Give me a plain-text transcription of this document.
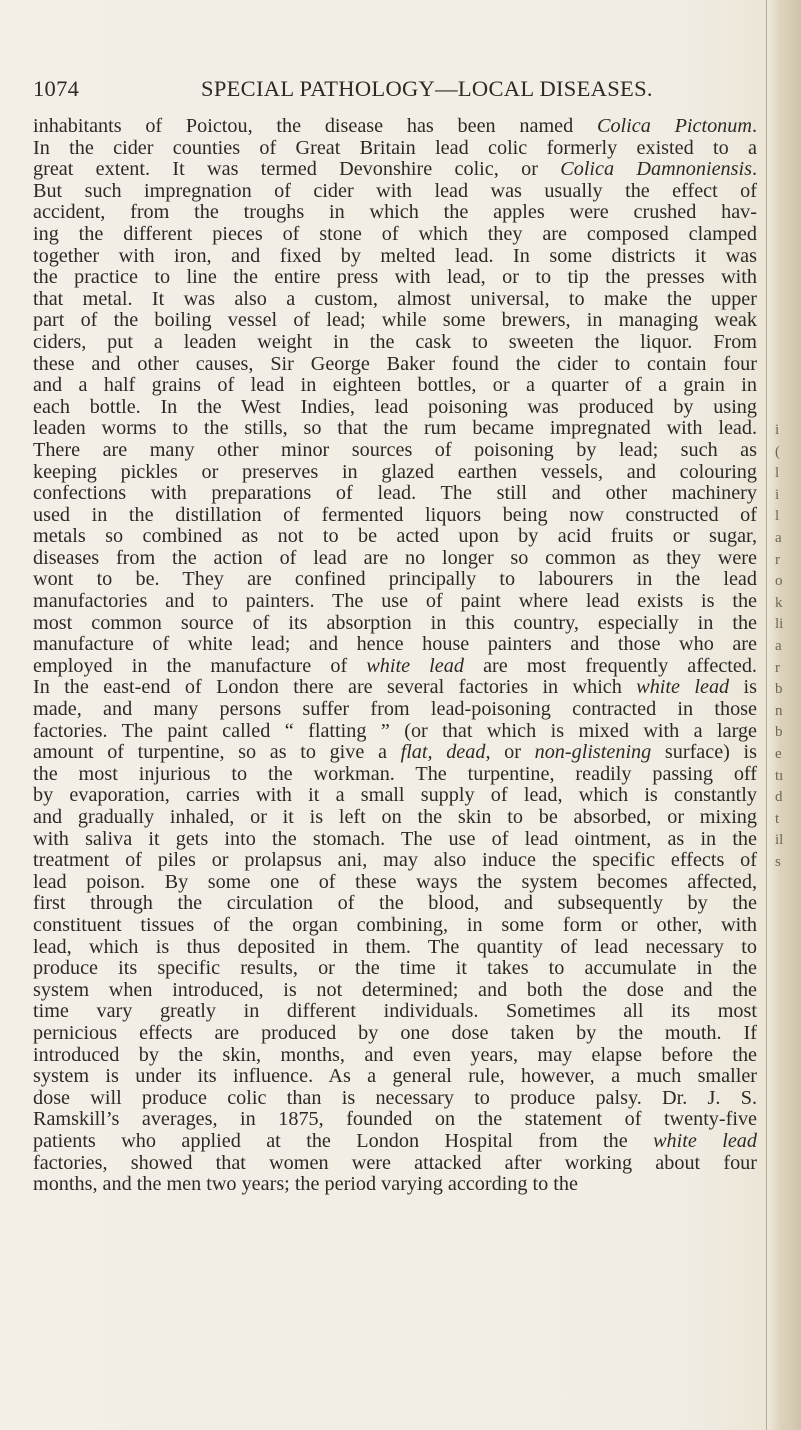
1074	SPECIAL PATHOLOGY—LOCAL DISEASES.
inhabitants of Poictou, the disease has been named Colica Pictonum.
In the cider counties of Great Britain lead colic formerly existed to a
great extent. It was termed Devonshire colic, or Colica Damnoniensis.
But such impregnation of cider with lead was usually the effect of
accident, from the troughs in which the apples were crushed hav-
ing the different pieces of stone of which they are composed clamped
together with iron, and fixed by melted lead. In some districts it was
the practice to line the entire press with lead, or to tip the presses with
that metal. It was also a custom, almost universal, to make the upper
part of the boiling vessel of lead; while some brewers, in managing weak
ciders, put a leaden weight in the cask to sweeten the liquor. From
these and other causes, Sir George Baker found the cider to contain four
and a half grains of lead in eighteen bottles, or a quarter of a grain in
each bottle. In the West Indies, lead poisoning was produced by using
leaden worms to the stills, so that the rum became impregnated with lead.
There are many other minor sources of poisoning by lead; such as
keeping pickles or preserves in glazed earthen vessels, and colouring
confections with preparations of lead. The still and other machinery
used in the distillation of fermented liquors being now constructed of
metals so combined as not to be acted upon by acid fruits or sugar,
diseases from the action of lead are no longer so common as they were
wont to be. They are confined principally to labourers in the lead
manufactories and to painters. The use of paint where lead exists is the
most common source of its absorption in this country, especially in the
manufacture of white lead; and hence house painters and those who are
employed in the manufacture of white lead are most frequently affected.
In the east-end of London there are several factories in which white lead is
made, and many persons suffer from lead-poisoning contracted in those
factories. The paint called “ flatting ” (or that which is mixed with a large
amount of turpentine, so as to give a flat, dead, or non-glistening surface) is
the most injurious to the workman. The turpentine, readily passing off
by evaporation, carries with it a small supply of lead, which is constantly
and gradually inhaled, or it is left on the skin to be absorbed, or mixing
with saliva it gets into the stomach. The use of lead ointment, as in the
treatment of piles or prolapsus ani, may also induce the specific effects of
lead poison. By some one of these ways the system becomes affected,
first through the circulation of the blood, and subsequently by the
constituent tissues of the organ combining, in some form or other, with
lead, which is thus deposited in them. The quantity of lead necessary to
produce its specific results, or the time it takes to accumulate in the
system when introduced, is not determined; and both the dose and the
time vary greatly in different individuals. Sometimes all its most
pernicious effects are produced by one dose taken by the mouth. If
introduced by the skin, months, and even years, may elapse before the
system is under its influence. As a general rule, however, a much smaller
dose will produce colic than is necessary to produce palsy. Dr. J. S.
Ramskill’s averages, in 1875, founded on the statement of twenty-five
patients who applied at the London Hospital from the white lead
factories, showed that women were attacked after working about four
months, and the men two years; the period varying according to the
i
(
l
i
l
a
r
o
k
li
a
r
b
n
b
e
tı
d
t
il
s
